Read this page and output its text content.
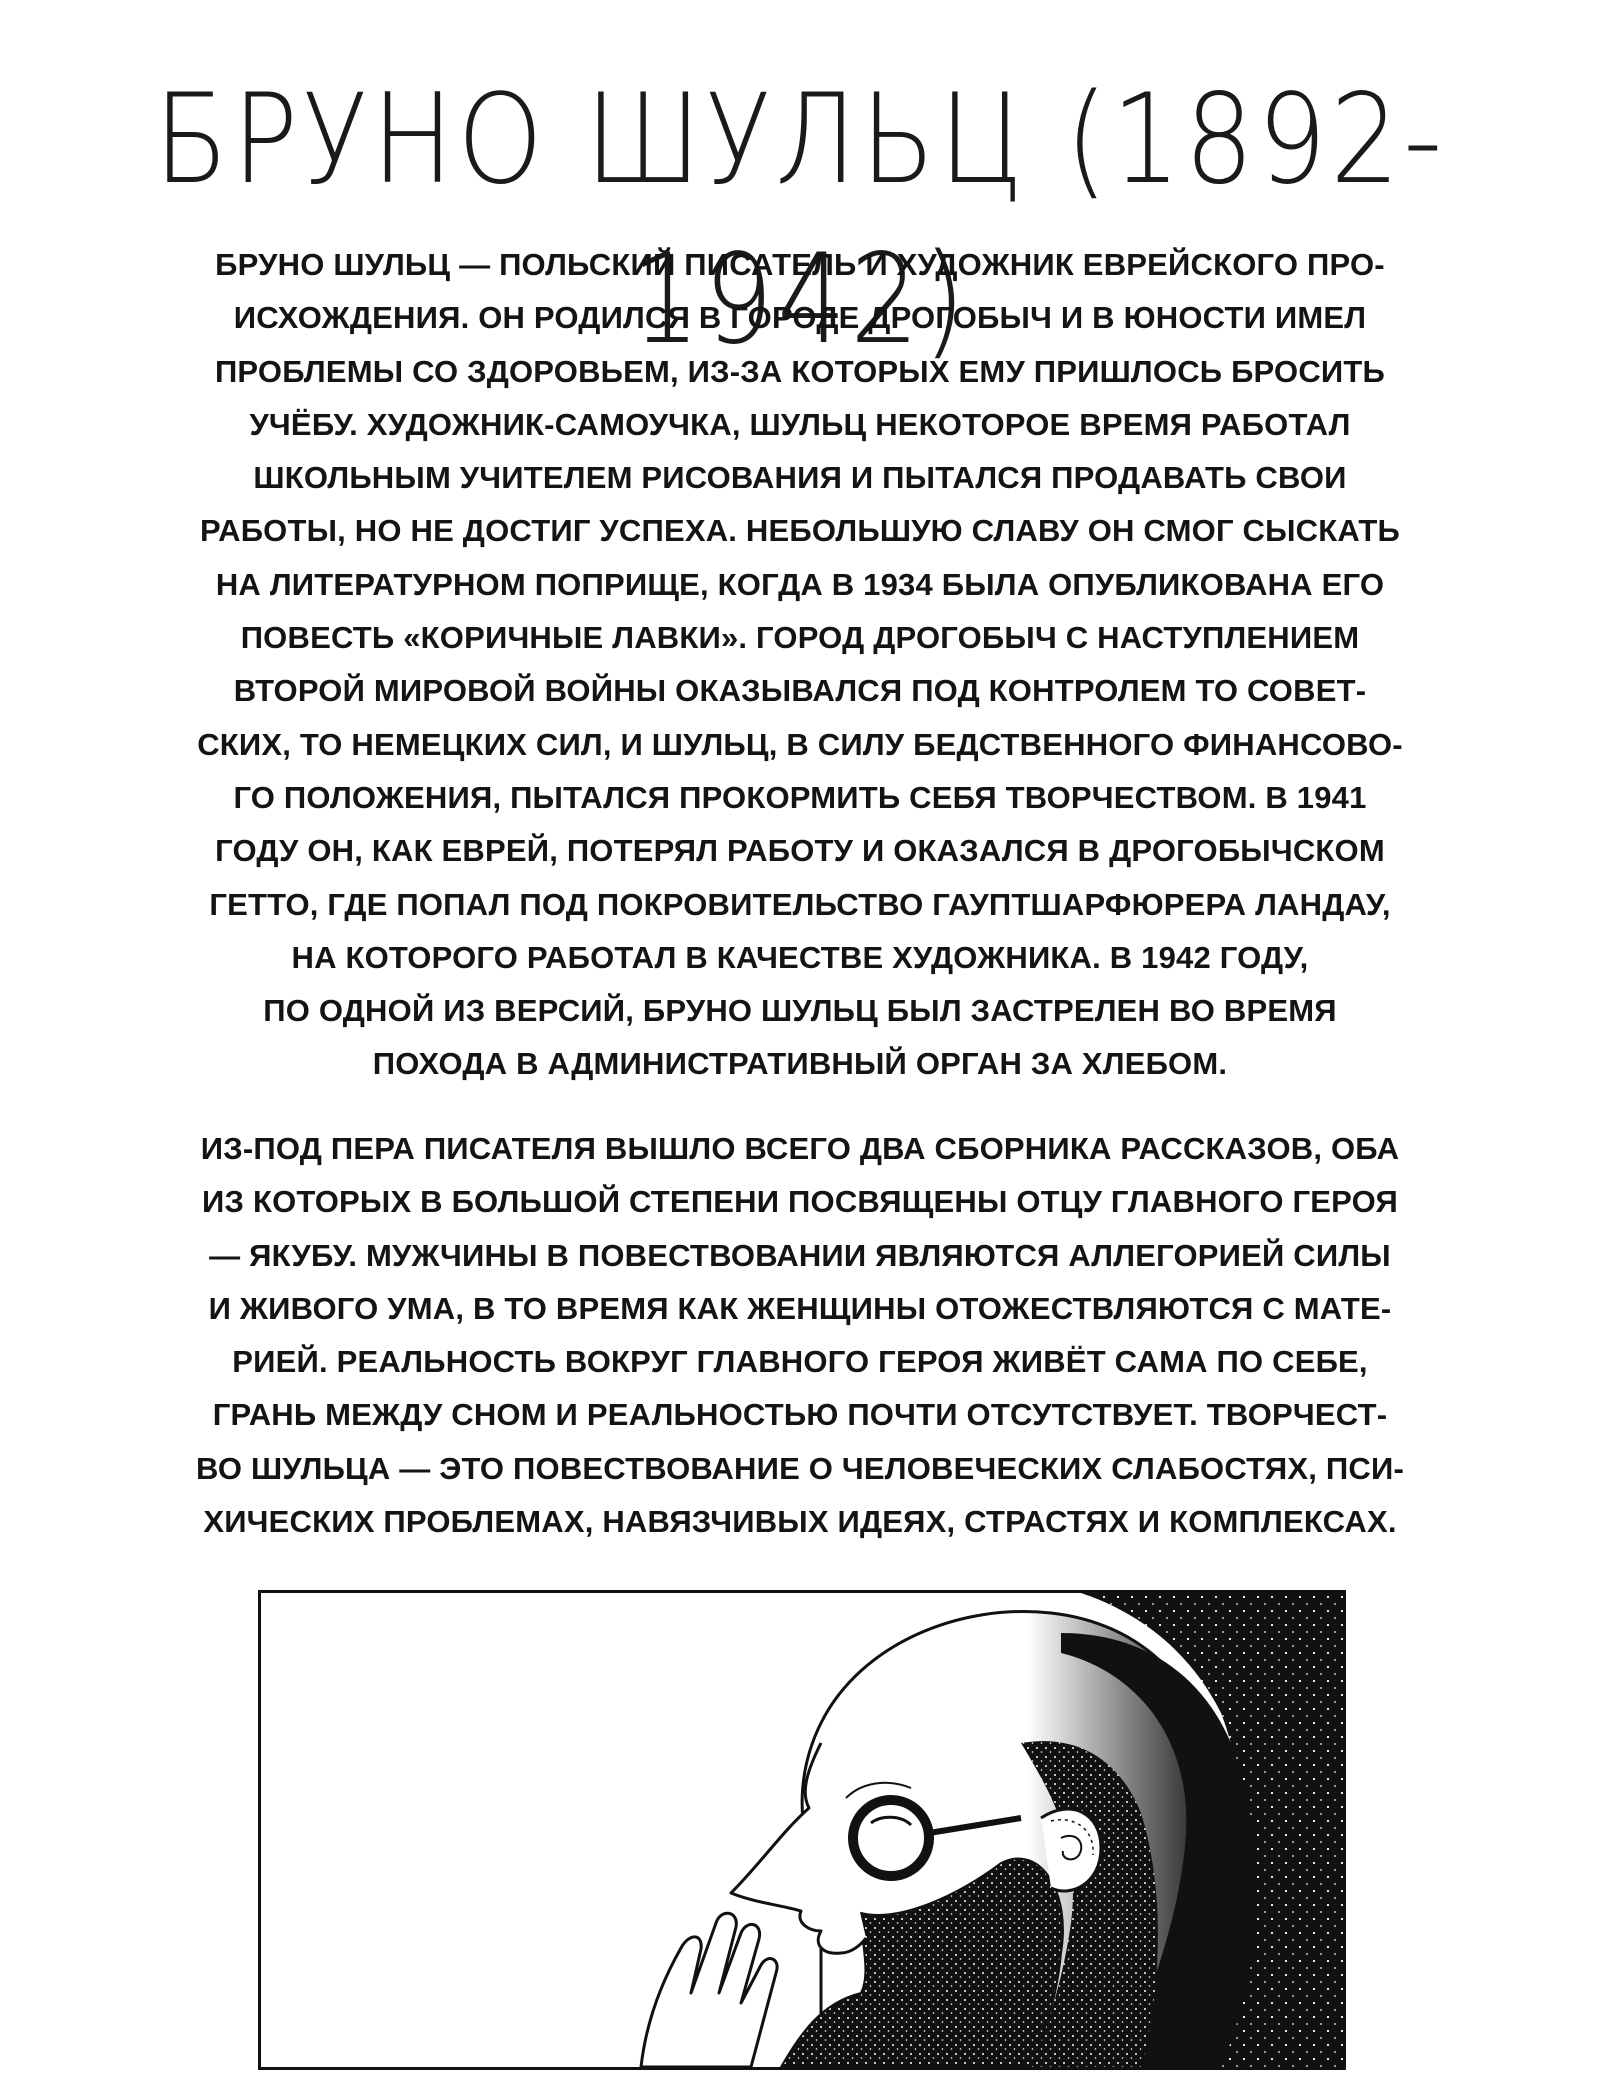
БРУНО ШУЛЬЦ (1892-1942)
БРУНО ШУЛЬЦ — ПОЛЬСКИЙ ПИСАТЕЛЬ И ХУДОЖНИК ЕВРЕЙСКОГО ПРО-
ИСХОЖДЕНИЯ. ОН РОДИЛСЯ В ГОРОДЕ ДРОГОБЫЧ И В ЮНОСТИ ИМЕЛ
ПРОБЛЕМЫ СО ЗДОРОВЬЕМ, ИЗ-ЗА КОТОРЫХ ЕМУ ПРИШЛОСЬ БРОСИТЬ
УЧЁБУ. ХУДОЖНИК-САМОУЧКА, ШУЛЬЦ НЕКОТОРОЕ ВРЕМЯ РАБОТАЛ
ШКОЛЬНЫМ УЧИТЕЛЕМ РИСОВАНИЯ И ПЫТАЛСЯ ПРОДАВАТЬ СВОИ
РАБОТЫ, НО НЕ ДОСТИГ УСПЕХА. НЕБОЛЬШУЮ СЛАВУ ОН СМОГ СЫСКАТЬ
НА ЛИТЕРАТУРНОМ ПОПРИЩЕ, КОГДА В 1934 БЫЛА ОПУБЛИКОВАНА ЕГО
ПОВЕСТЬ «КОРИЧНЫЕ ЛАВКИ». ГОРОД ДРОГОБЫЧ С НАСТУПЛЕНИЕМ
ВТОРОЙ МИРОВОЙ ВОЙНЫ ОКАЗЫВАЛСЯ ПОД КОНТРОЛЕМ ТО СОВЕТ-
СКИХ, ТО НЕМЕЦКИХ СИЛ, И ШУЛЬЦ, В СИЛУ БЕДСТВЕННОГО ФИНАНСОВО-
ГО ПОЛОЖЕНИЯ, ПЫТАЛСЯ ПРОКОРМИТЬ СЕБЯ ТВОРЧЕСТВОМ. В 1941
ГОДУ ОН, КАК ЕВРЕЙ, ПОТЕРЯЛ РАБОТУ И ОКАЗАЛСЯ В ДРОГОБЫЧСКОМ
ГЕТТО, ГДЕ ПОПАЛ ПОД ПОКРОВИТЕЛЬСТВО ГАУПТШАРФЮРЕРА ЛАНДАУ,
НА КОТОРОГО РАБОТАЛ В КАЧЕСТВЕ ХУДОЖНИКА. В 1942 ГОДУ,
ПО ОДНОЙ ИЗ ВЕРСИЙ, БРУНО ШУЛЬЦ БЫЛ ЗАСТРЕЛЕН ВО ВРЕМЯ
ПОХОДА В АДМИНИСТРАТИВНЫЙ ОРГАН ЗА ХЛЕБОМ.
ИЗ-ПОД ПЕРА ПИСАТЕЛЯ ВЫШЛО ВСЕГО ДВА СБОРНИКА РАССКАЗОВ, ОБА
ИЗ КОТОРЫХ В БОЛЬШОЙ СТЕПЕНИ ПОСВЯЩЕНЫ ОТЦУ ГЛАВНОГО ГЕРОЯ
— ЯКУБУ. МУЖЧИНЫ В ПОВЕСТВОВАНИИ ЯВЛЯЮТСЯ АЛЛЕГОРИЕЙ СИЛЫ
И ЖИВОГО УМА, В ТО ВРЕМЯ КАК ЖЕНЩИНЫ ОТОЖЕСТВЛЯЮТСЯ С МАТЕ-
РИЕЙ. РЕАЛЬНОСТЬ ВОКРУГ ГЛАВНОГО ГЕРОЯ ЖИВЁТ САМА ПО СЕБЕ,
ГРАНЬ МЕЖДУ СНОМ И РЕАЛЬНОСТЬЮ ПОЧТИ ОТСУТСТВУЕТ. ТВОРЧЕСТ-
ВО ШУЛЬЦА — ЭТО ПОВЕСТВОВАНИЕ О ЧЕЛОВЕЧЕСКИХ СЛАБОСТЯХ, ПСИ-
ХИЧЕСКИХ ПРОБЛЕМАХ, НАВЯЗЧИВЫХ ИДЕЯХ, СТРАСТЯХ И КОМПЛЕКСАХ.
